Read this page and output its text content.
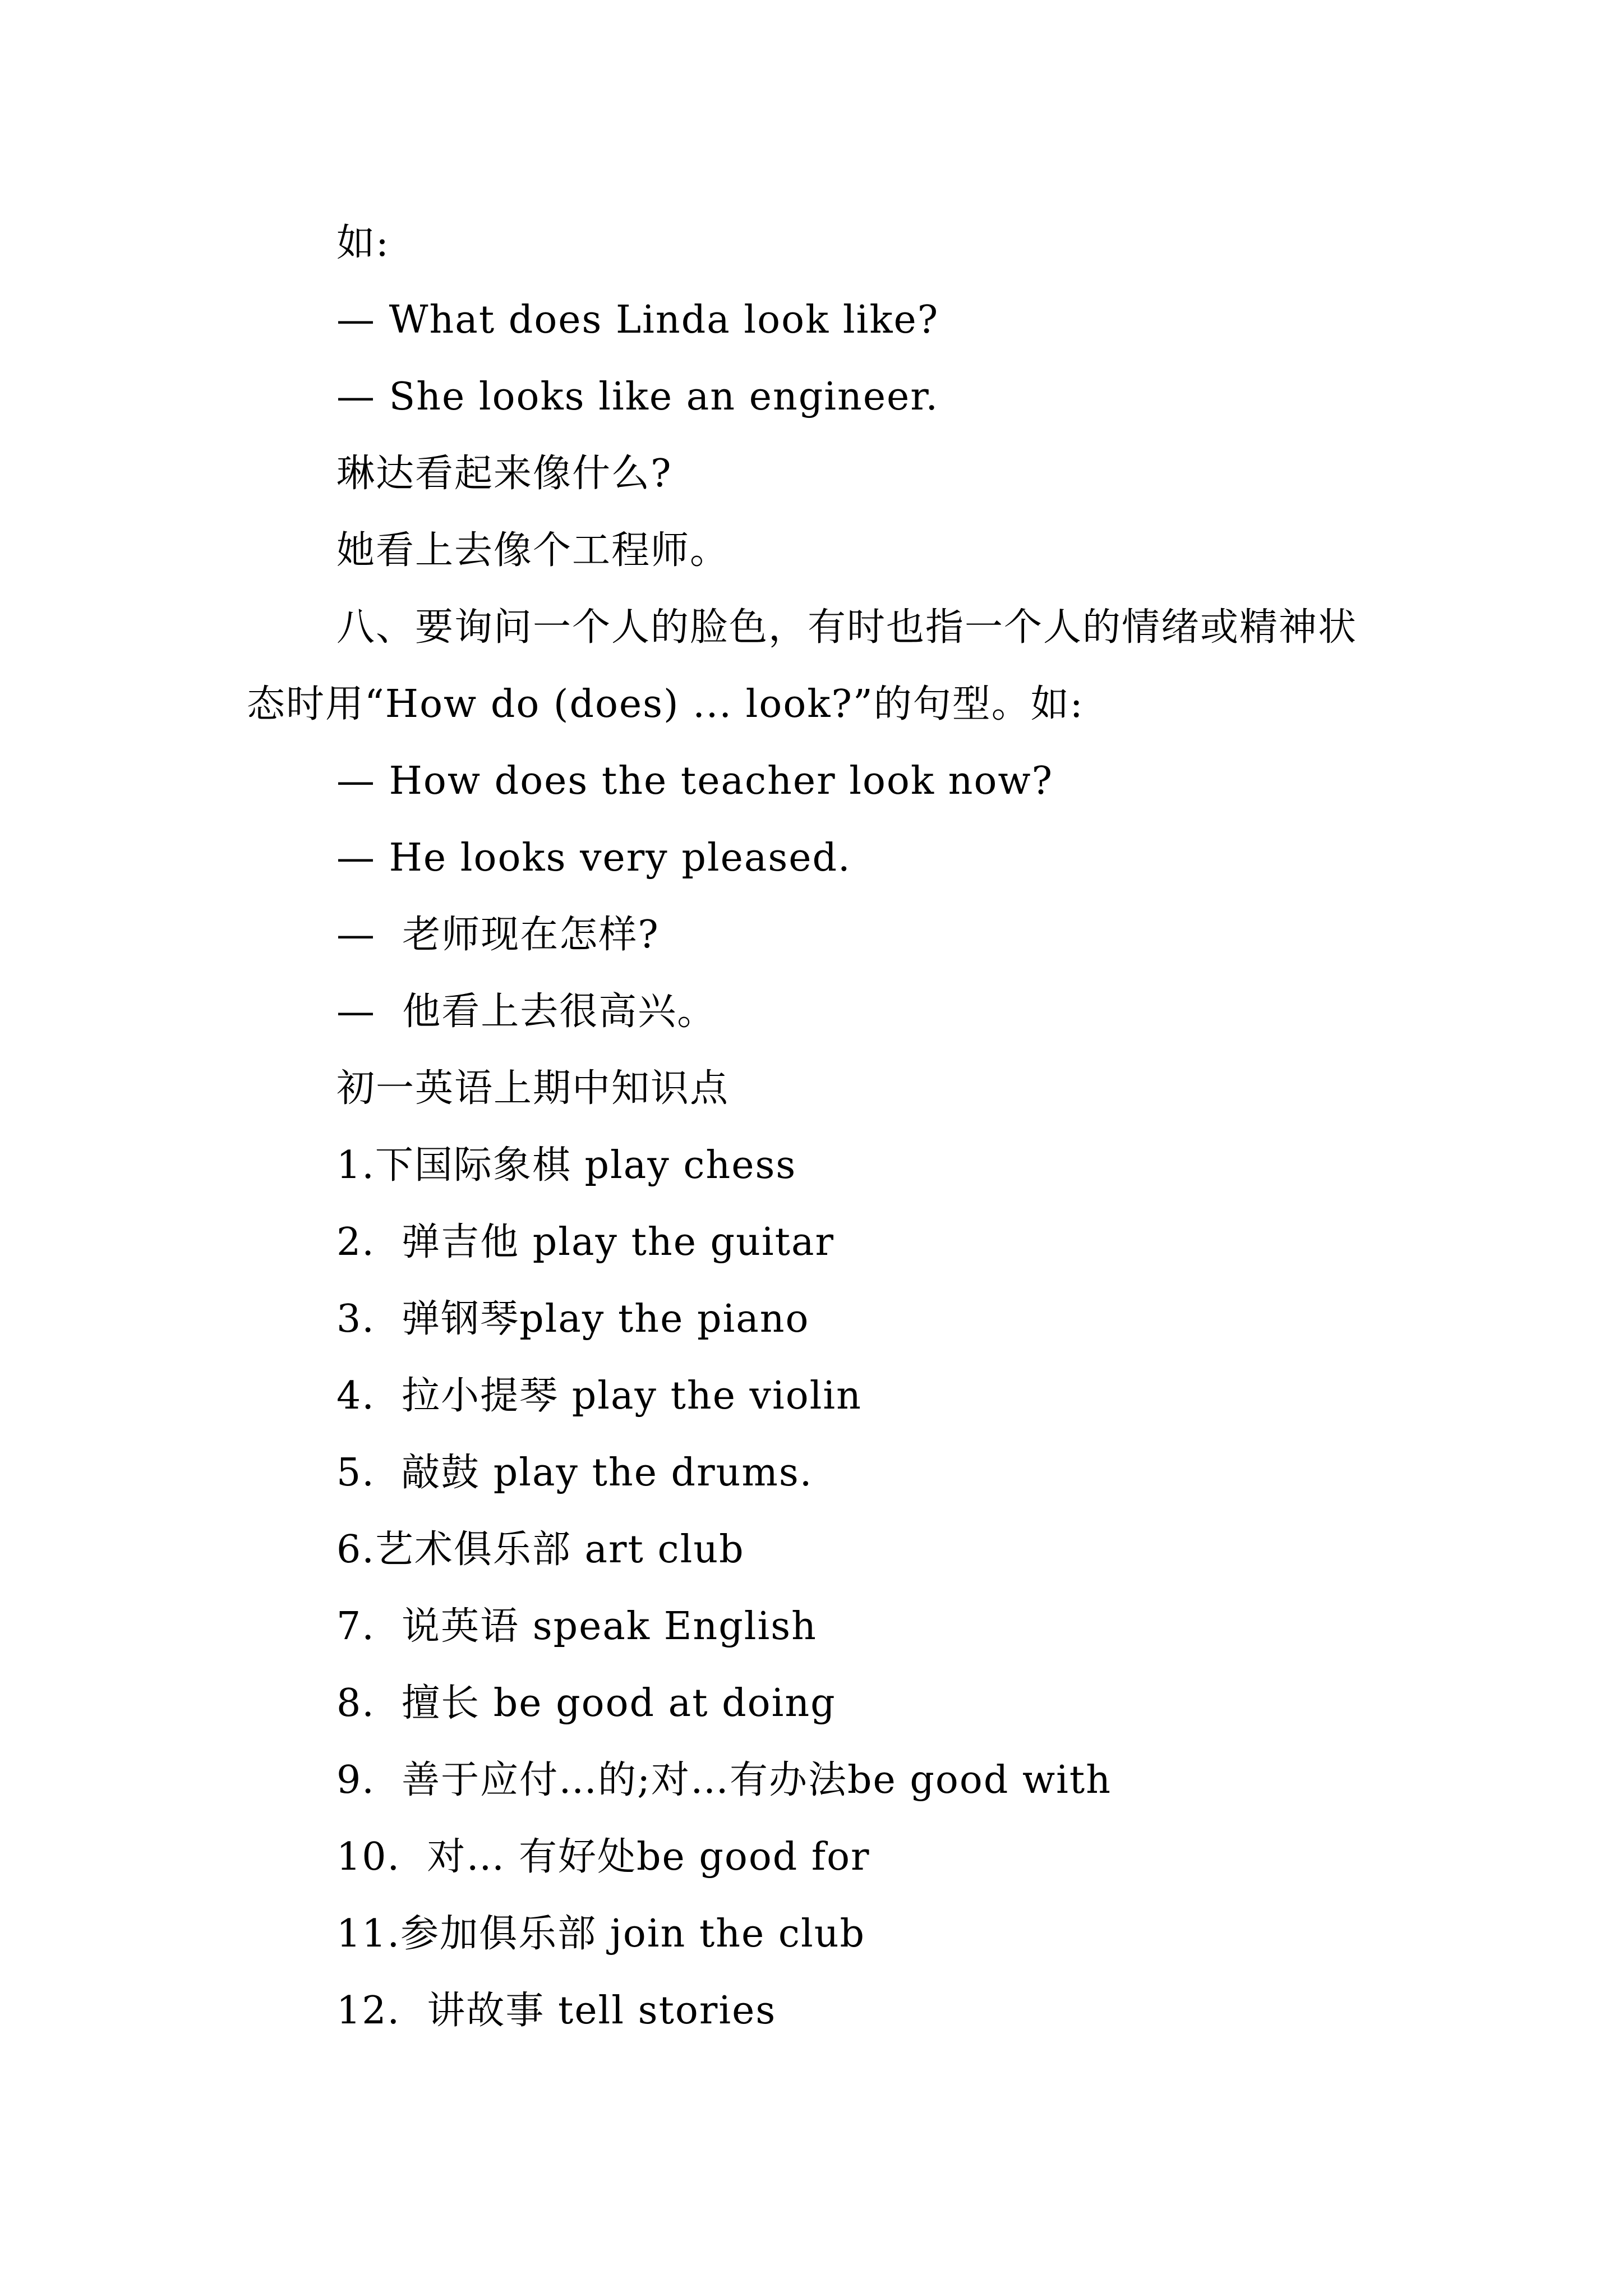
如:
— What does Linda look like?
— She looks like an engineer.
琳达看起来像什么?
她看上去像个工程师。
八、要询问一个人的脸色，有时也指一个人的情绪或精神状态时用“How do (does) ... look?”的句型。如:
— How does the teacher look now?
— He looks very pleased.
—  老师现在怎样?
—  他看上去很高兴。
初一英语上期中知识点
1.下国际象棋 play chess
2.  弹吉他 play the guitar
3.  弹钢琴play the piano
4.  拉小提琴 play the violin
5.  敲鼓 play the drums.
6.艺术俱乐部 art club
7.  说英语 speak English
8.  擅长 be good at doing
9.  善于应付…的;对…有办法be good with
10.  对… 有好处be good for
11.参加俱乐部 join the club
12.  讲故事 tell stories
